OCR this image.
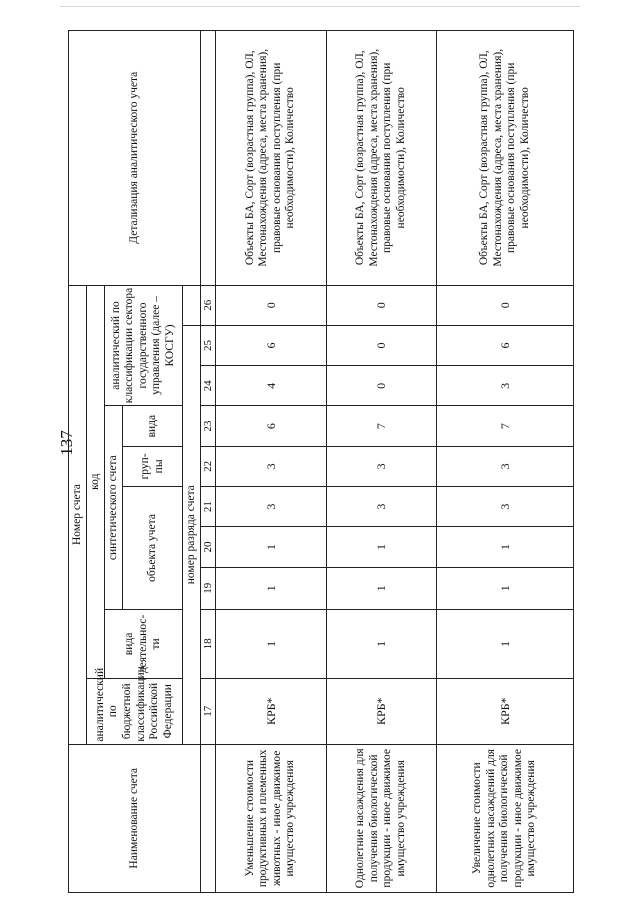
137
Наименование счета	Номер счета										Детализация аналитического учета
	аналитический по бюджетной классификации Российской Федерации	код									
		вида деятельнос-ти	синтетического счета					аналитический по классификации сектора государственного управления (далее – КОСГУ)			
			объекта учета			груп-пы	вида				

	номер разряда счета										
	17	18	19	20	21	22	23	24	25	26	
Уменьшение стоимости продуктивных и племенных животных - иное движимое имущество учреждения	КРБ*	1	1	1	3	3	6	4	6	0	Объекты БА, Сорт (возрастная группа), ОЛ, Местонахождения (адреса, места хранения), правовые основания поступления (при необходимости), Количество
Однолетние насаждения для получения биологической продукции - иное движимое имущество учреждения	КРБ*	1	1	1	3	3	7	0	0	0	Объекты БА, Сорт (возрастная группа), ОЛ, Местонахождения (адреса, места хранения), правовые основания поступления (при необходимости), Количество
Увеличение стоимости однолетних насаждений для получения биологической продукции - иное движимое имущество учреждения	КРБ*	1	1	1	3	3	7	3	6	0	Объекты БА, Сорт (возрастная группа), ОЛ, Местонахождения (адреса, места хранения), правовые основания поступления (при необходимости), Количество
